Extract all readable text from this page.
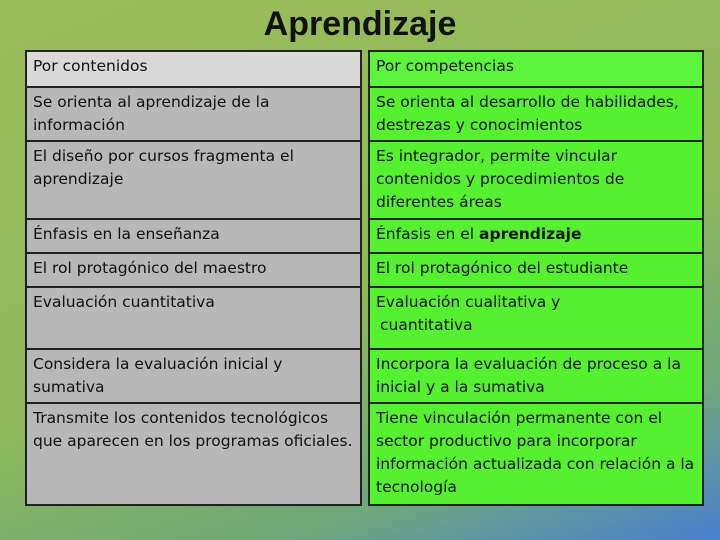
Aprendizaje
Por contenidos		Por competencias
Se orienta al aprendizaje de la información		Se orienta al desarrollo de habilidades, destrezas y conocimientos
El diseño por cursos fragmenta el aprendizaje		Es integrador, permite vincular contenidos y procedimientos de diferentes áreas
Énfasis en la enseñanza		Énfasis en el aprendizaje
El rol protagónico del maestro		El rol protagónico del estudiante
Evaluación cuantitativa		Evaluación cualitativa y
cuantitativa
Considera la evaluación inicial y sumativa		Incorpora la evaluación de proceso a la inicial y a la sumativa
Transmite los contenidos tecnológicos que aparecen en los programas oficiales.		Tiene vinculación permanente con el sector productivo para incorporar información actualizada con relación a la tecnología
